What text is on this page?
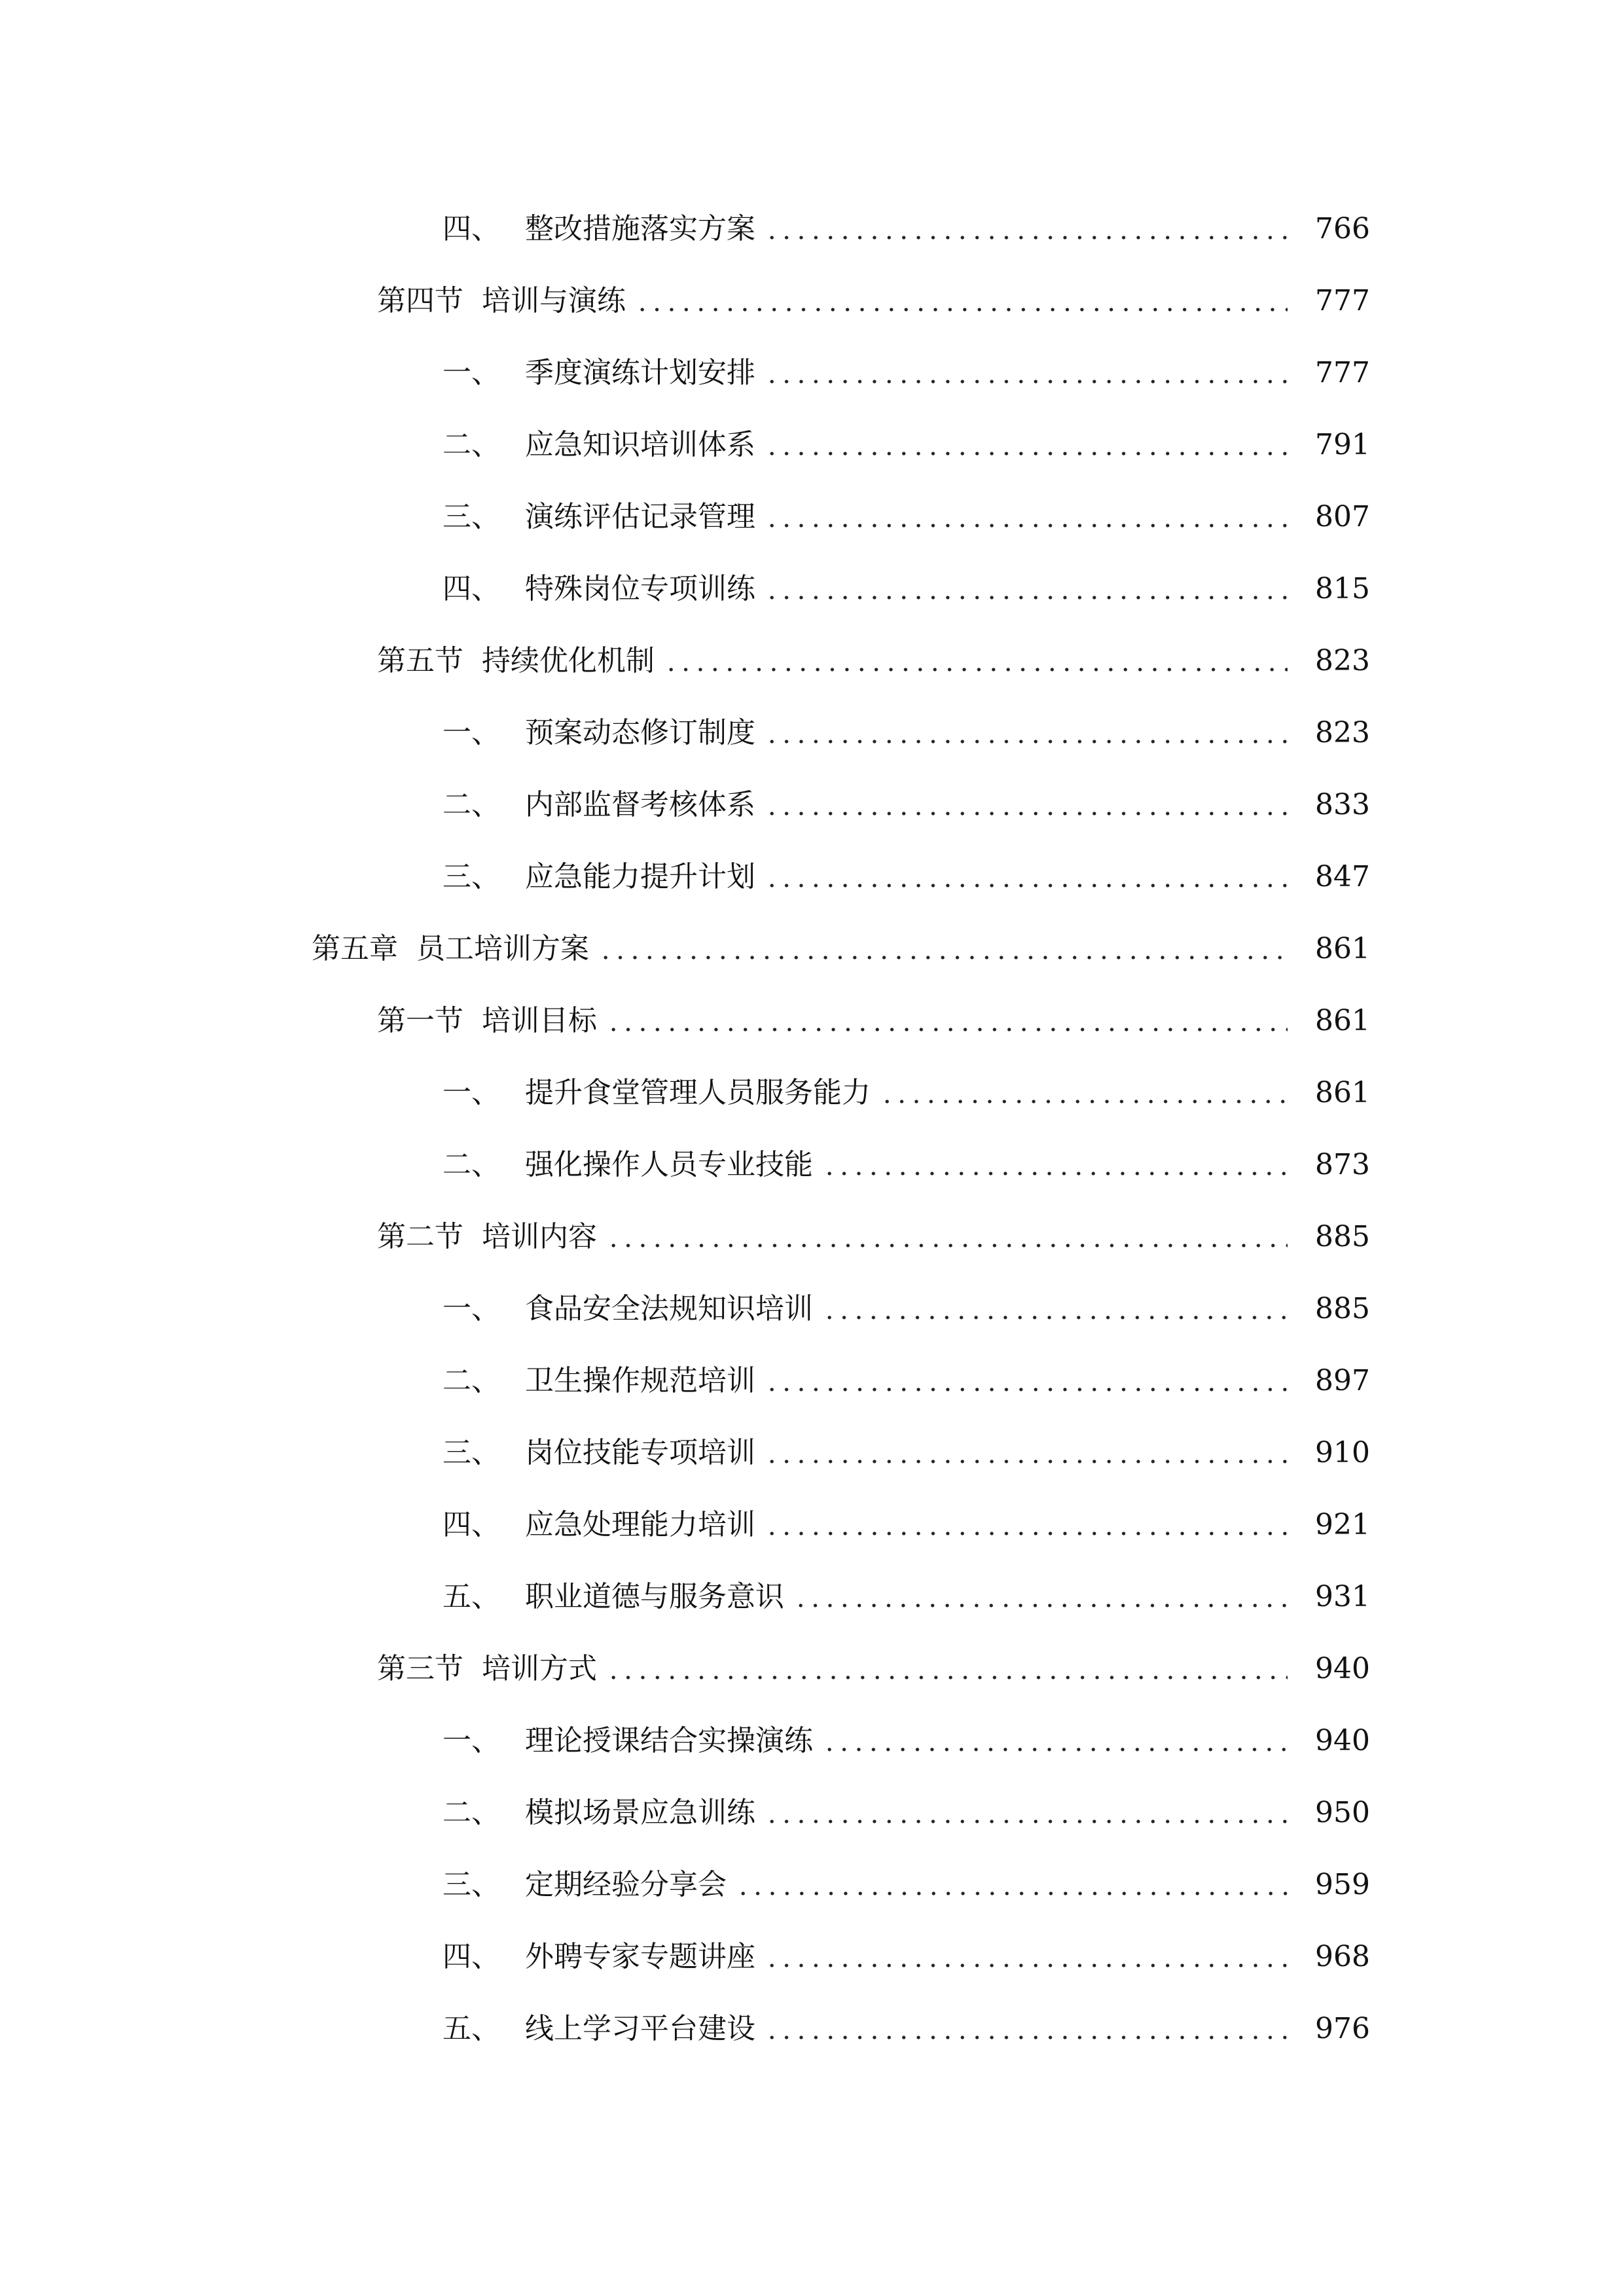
四、 整改措施落实方案	766
第四节 培训与演练	777
一、 季度演练计划安排	777
二、 应急知识培训体系	791
三、 演练评估记录管理	807
四、 特殊岗位专项训练	815
第五节 持续优化机制	823
一、 预案动态修订制度	823
二、 内部监督考核体系	833
三、 应急能力提升计划	847
第五章 员工培训方案	861
第一节 培训目标	861
一、 提升食堂管理人员服务能力	861
二、 强化操作人员专业技能	873
第二节 培训内容	885
一、 食品安全法规知识培训	885
二、 卫生操作规范培训	897
三、 岗位技能专项培训	910
四、 应急处理能力培训	921
五、 职业道德与服务意识	931
第三节 培训方式	940
一、 理论授课结合实操演练	940
二、 模拟场景应急训练	950
三、 定期经验分享会	959
四、 外聘专家专题讲座	968
五、 线上学习平台建设	976
